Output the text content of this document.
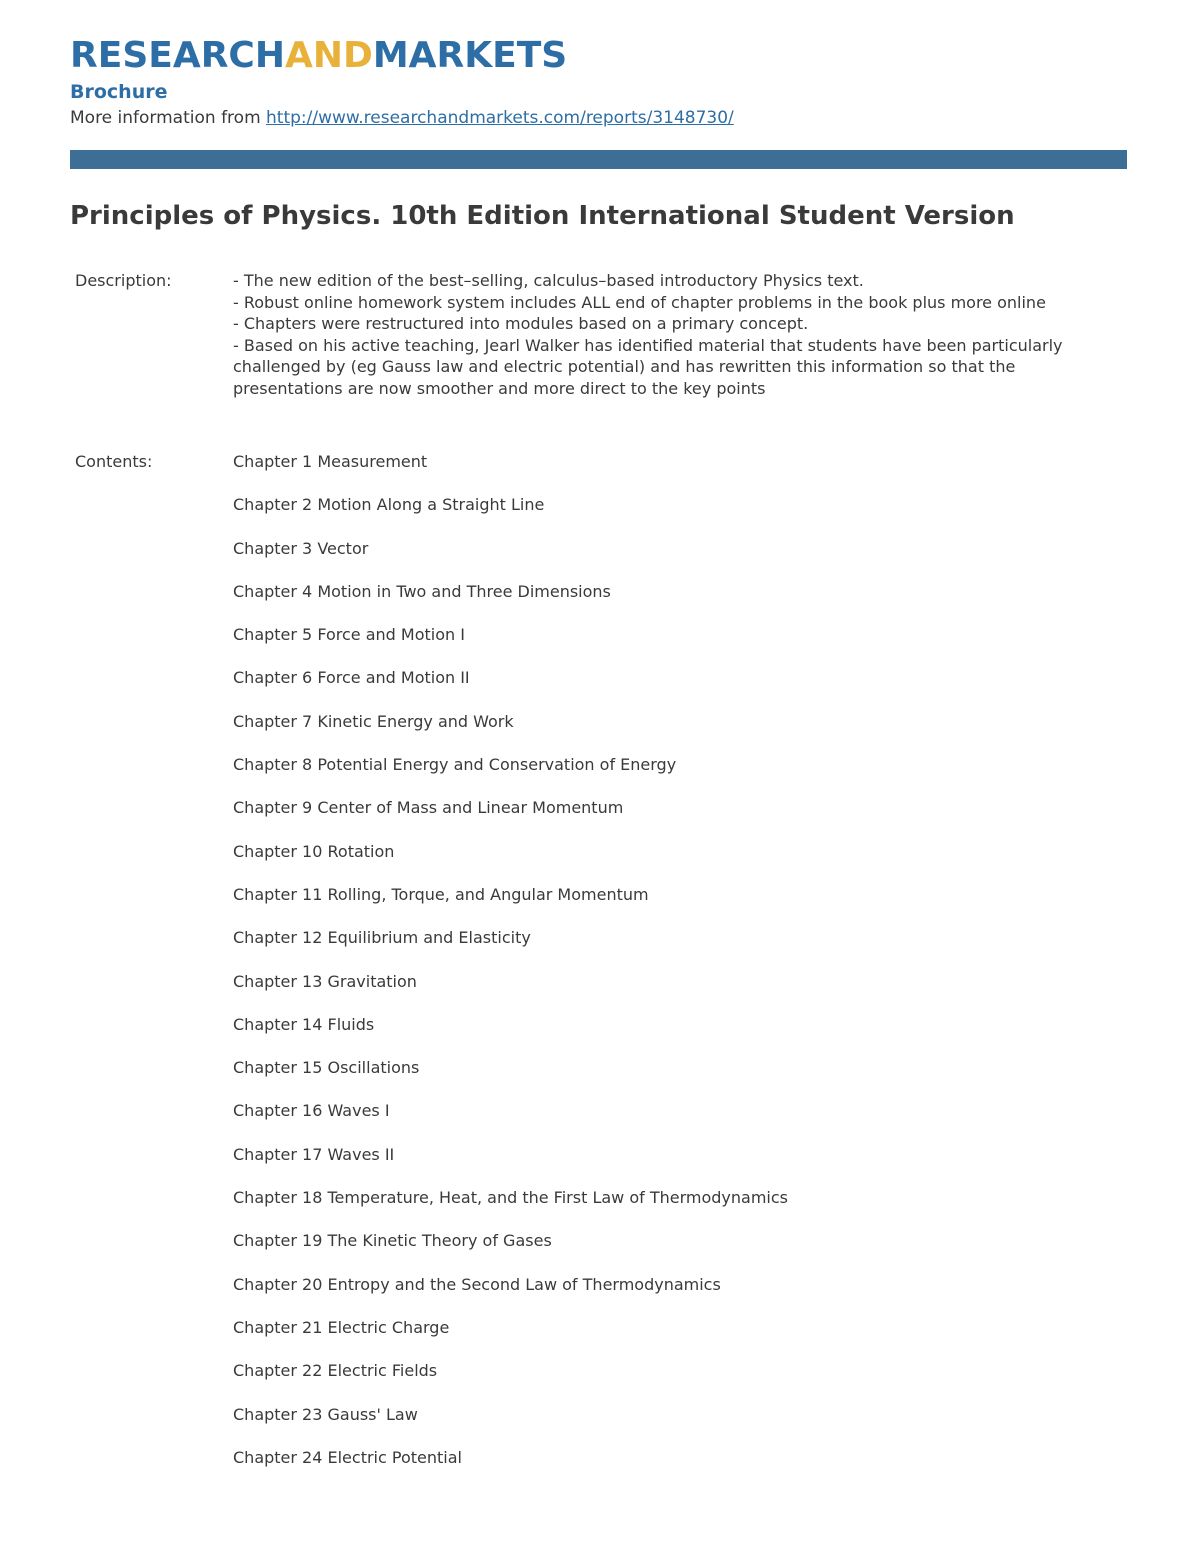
RESEARCHANDMARKETS
Brochure
More information from http://www.researchandmarkets.com/reports/3148730/
Principles of Physics. 10th Edition International Student Version
Description:	- The new edition of the best–selling, calculus–based introductory Physics text.
- Robust online homework system includes ALL end of chapter problems in the book plus more online
- Chapters were restructured into modules based on a primary concept.
- Based on his active teaching, Jearl Walker has identified material that students have been particularly
challenged by (eg Gauss law and electric potential) and has rewritten this information so that the
presentations are now smoother and more direct to the key points
Contents:	Chapter 1 Measurement
Chapter 2 Motion Along a Straight Line
Chapter 3 Vector
Chapter 4 Motion in Two and Three Dimensions
Chapter 5 Force and Motion I
Chapter 6 Force and Motion II
Chapter 7 Kinetic Energy and Work
Chapter 8 Potential Energy and Conservation of Energy
Chapter 9 Center of Mass and Linear Momentum
Chapter 10 Rotation
Chapter 11 Rolling, Torque, and Angular Momentum
Chapter 12 Equilibrium and Elasticity
Chapter 13 Gravitation
Chapter 14 Fluids
Chapter 15 Oscillations
Chapter 16 Waves I
Chapter 17 Waves II
Chapter 18 Temperature, Heat, and the First Law of Thermodynamics
Chapter 19 The Kinetic Theory of Gases
Chapter 20 Entropy and the Second Law of Thermodynamics
Chapter 21 Electric Charge
Chapter 22 Electric Fields
Chapter 23 Gauss' Law
Chapter 24 Electric Potential
